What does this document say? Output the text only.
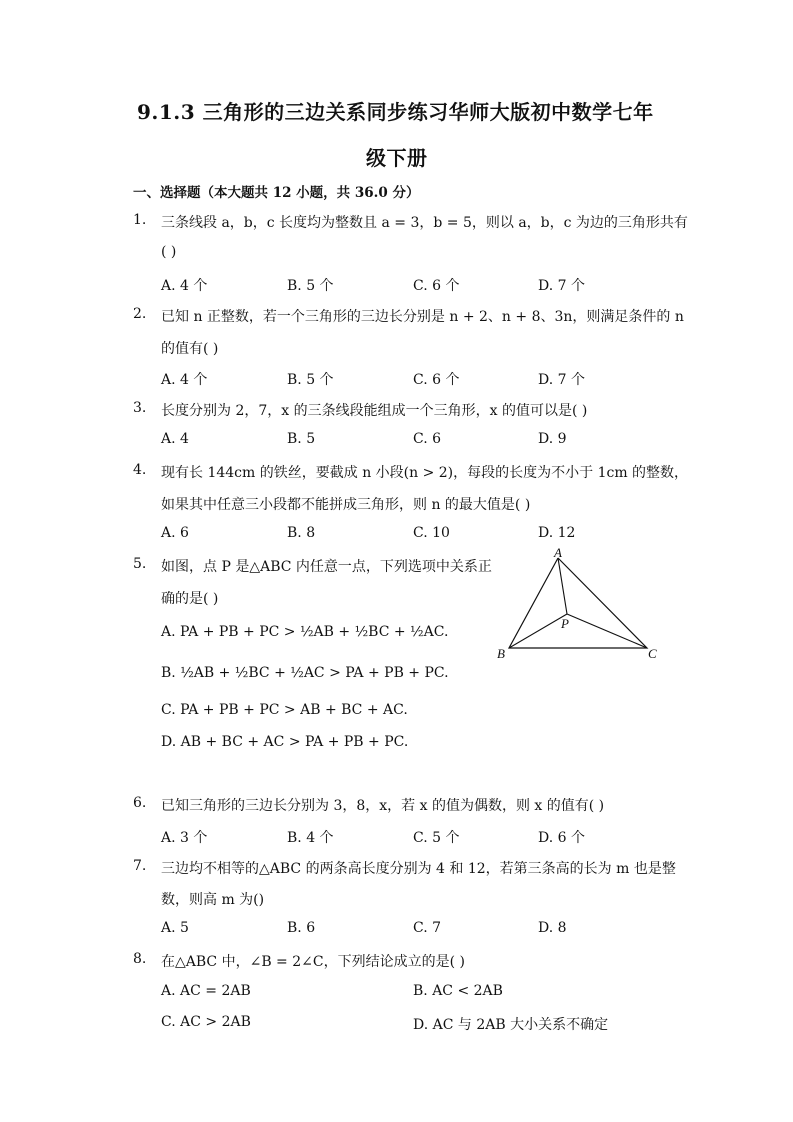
9.1.3 三角形的三边关系同步练习华师大版初中数学七年
级下册
一、选择题（本大题共 12 小题，共 36.0 分）
1. 三条线段 a，b，c 长度均为整数且 a = 3，b = 5，则以 a，b，c 为边的三角形共有
( )
A. 4 个	B. 5 个	C. 6 个	D. 7 个
2. 已知 n 正整数，若一个三角形的三边长分别是 n + 2、n + 8、3n，则满足条件的 n
的值有( )
A. 4 个	B. 5 个	C. 6 个	D. 7 个
3. 长度分别为 2，7，x 的三条线段能组成一个三角形，x 的值可以是( )
A. 4	B. 5	C. 6	D. 9
4. 现有长 144cm 的铁丝，要截成 n 小段(n > 2)，每段的长度为不小于 1cm 的整数，
如果其中任意三小段都不能拼成三角形，则 n 的最大值是( )
A. 6	B. 8	C. 10	D. 12
5. 如图，点 P 是△ABC 内任意一点，下列选项中关系正
确的是( )
A. PA + PB + PC > ½AB + ½BC + ½AC.
B. ½AB + ½BC + ½AC > PA + PB + PC.
C. PA + PB + PC > AB + BC + AC.
D. AB + BC + AC > PA + PB + PC.
A
P
B	C
6. 已知三角形的三边长分别为 3，8，x，若 x 的值为偶数，则 x 的值有( )
A. 3 个	B. 4 个	C. 5 个	D. 6 个
7. 三边均不相等的△ABC 的两条高长度分别为 4 和 12，若第三条高的长为 m 也是整
数，则高 m 为()
A. 5	B. 6	C. 7	D. 8
8. 在△ABC 中，∠B = 2∠C，下列结论成立的是( )
A. AC = 2AB	B. AC < 2AB
C. AC > 2AB	D. AC 与 2AB 大小关系不确定
